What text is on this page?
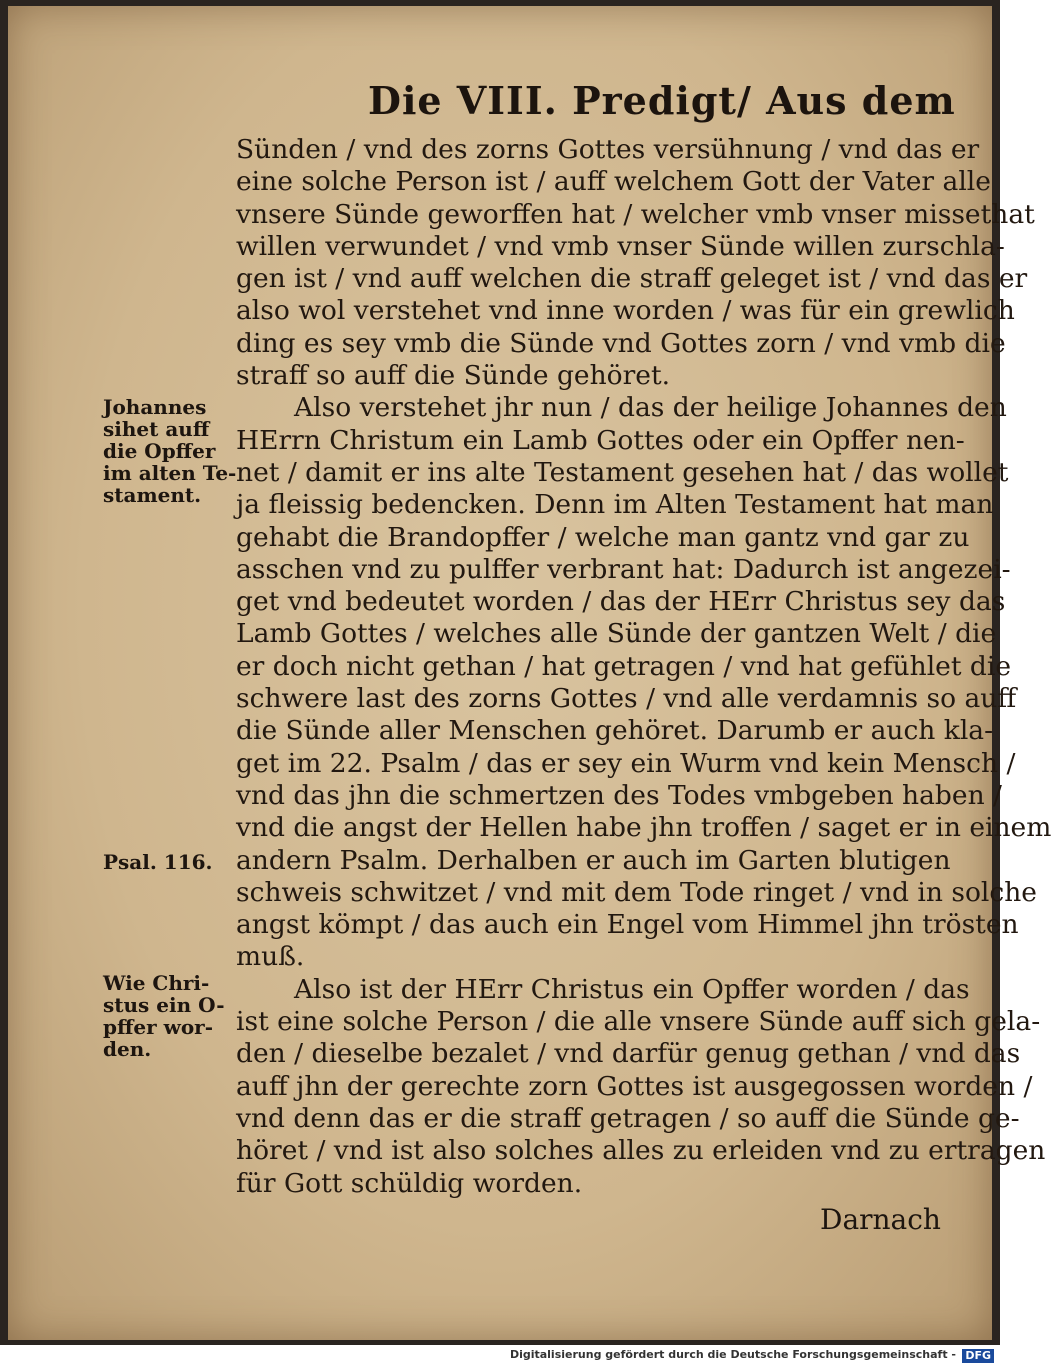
Die VIII. Predigt/ Aus dem
Sünden / vnd des zorns Gottes versühnung / vnd das er
eine solche Person ist / auff welchem Gott der Vater alle
vnsere Sünde geworffen hat / welcher vmb vnser missethat
willen verwundet / vnd vmb vnser Sünde willen zurschla-
gen ist / vnd auff welchen die straff geleget ist / vnd das er
also wol verstehet vnd inne worden / was für ein grewlich
ding es sey vmb die Sünde vnd Gottes zorn / vnd vmb die
straff so auff die Sünde gehöret.
Also verstehet jhr nun / das der heilige Johannes den
HErrn Christum ein Lamb Gottes oder ein Opffer nen-
net / damit er ins alte Testament gesehen hat / das wollet
ja fleissig bedencken. Denn im Alten Testament hat man
gehabt die Brandopffer / welche man gantz vnd gar zu
asschen vnd zu pulffer verbrant hat: Dadurch ist angezei-
get vnd bedeutet worden / das der HErr Christus sey das
Lamb Gottes / welches alle Sünde der gantzen Welt / die
er doch nicht gethan / hat getragen / vnd hat gefühlet die
schwere last des zorns Gottes / vnd alle verdamnis so auff
die Sünde aller Menschen gehöret. Darumb er auch kla-
get im 22. Psalm / das er sey ein Wurm vnd kein Mensch /
vnd das jhn die schmertzen des Todes vmbgeben haben /
vnd die angst der Hellen habe jhn troffen / saget er in einem
andern Psalm. Derhalben er auch im Garten blutigen
schweis schwitzet / vnd mit dem Tode ringet / vnd in solche
angst kömpt / das auch ein Engel vom Himmel jhn trösten
muß.
Also ist der HErr Christus ein Opffer worden / das
ist eine solche Person / die alle vnsere Sünde auff sich gela-
den / dieselbe bezalet / vnd darfür genug gethan / vnd das
auff jhn der gerechte zorn Gottes ist ausgegossen worden /
vnd denn das er die straff getragen / so auff die Sünde ge-
höret / vnd ist also solches alles zu erleiden vnd zu ertragen
für Gott schüldig worden.
Johannes
sihet auff
die Opffer
im alten Te-
stament.
Psal. 116.
Wie Chri-
stus ein O-
pffer wor-
den.
Darnach
Digitalisierung gefördert durch die Deutsche Forschungsgemeinschaft - DFG
